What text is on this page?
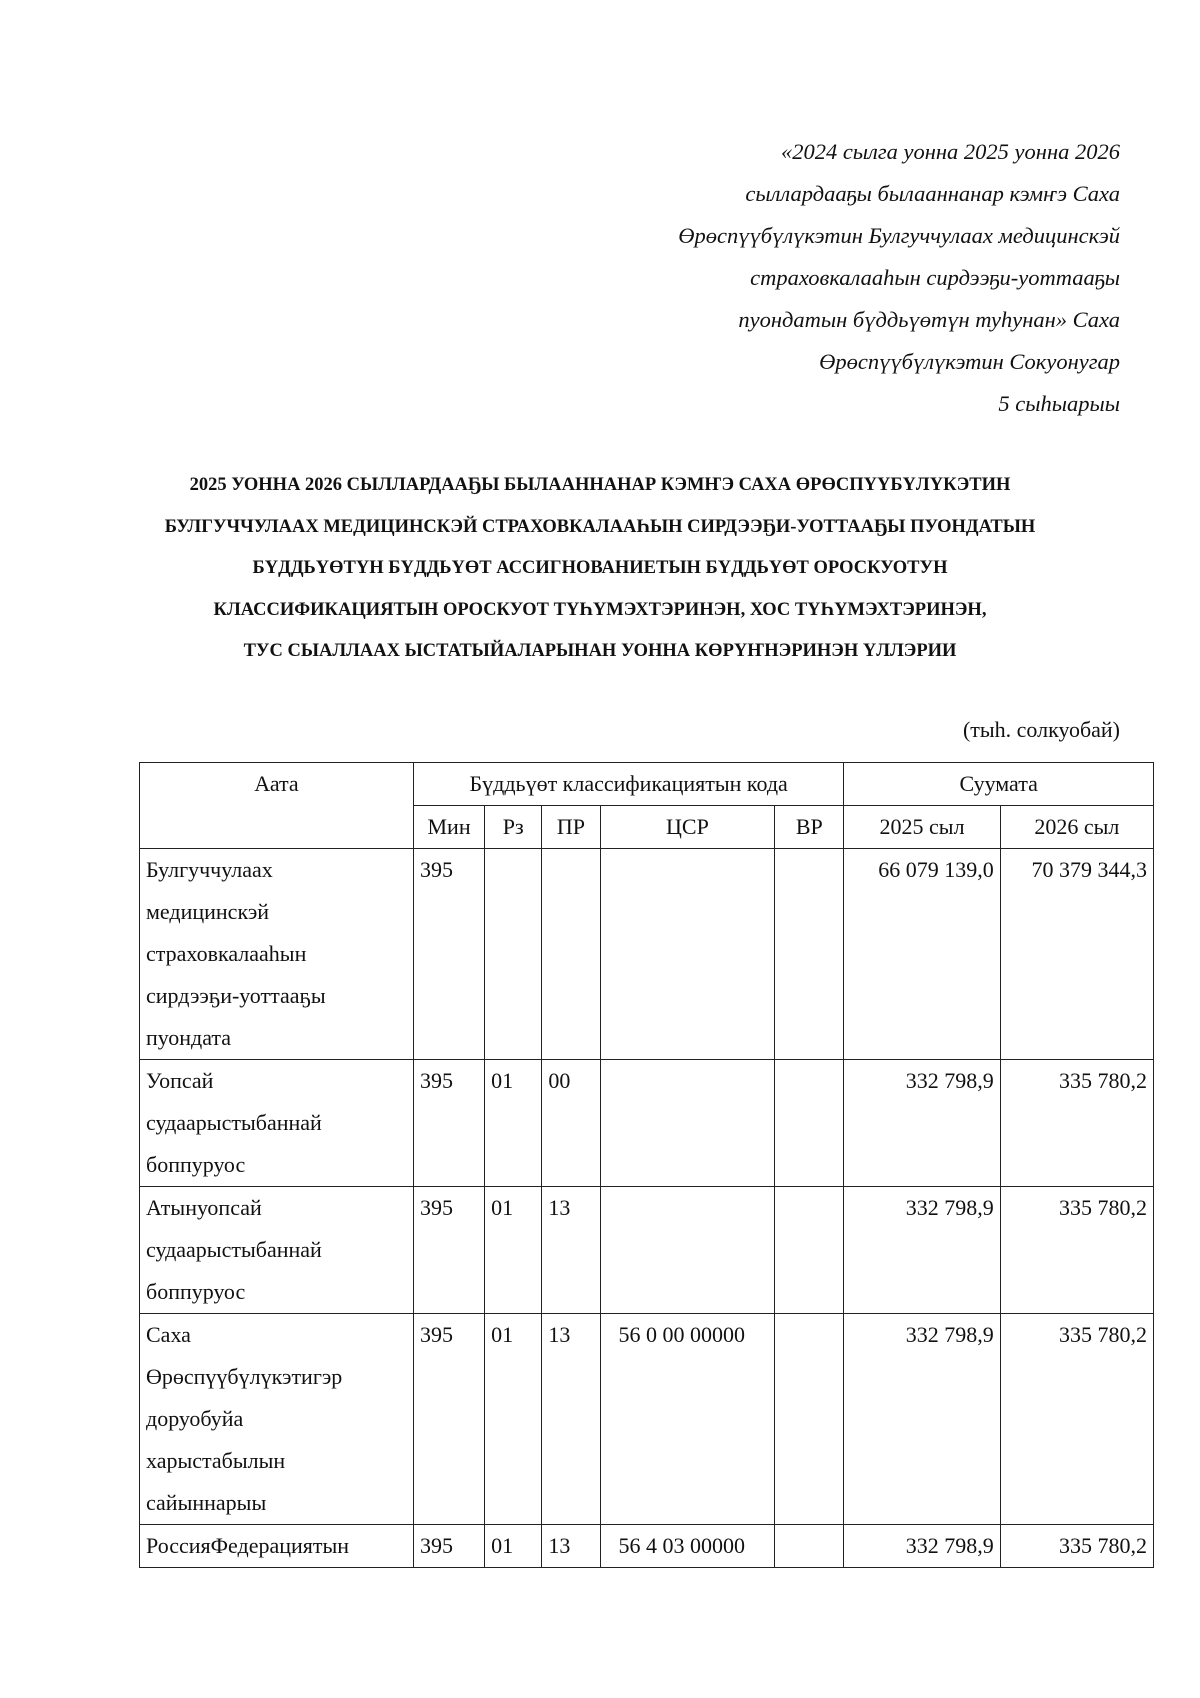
«2024 сылга уонна 2025 уонна 2026
сыллардааҕы былааннанар кэмҥэ Саха
Өрөспүүбүлүкэтин Булгуччулаах медицинскэй
страховкалааһын сирдээҕи-уоттааҕы
пуондатын бүддьүөтүн туһунан» Саха
Өрөспүүбүлүкэтин Сокуонугар
5 сыһыарыы
2025 УОННА 2026 СЫЛЛАРДААҔЫ БЫЛААННАНАР КЭМҤЭ САХА ӨРӨСПҮҮБҮЛҮКЭТИН
БУЛГУЧЧУЛААХ МЕДИЦИНСКЭЙ СТРАХОВКАЛААҺЫН СИРДЭЭҔИ-УОТТААҔЫ ПУОНДАТЫН
БҮДДЬҮӨТҮН БҮДДЬҮӨТ АССИГНОВАНИЕТЫН БҮДДЬҮӨТ ОРОСКУОТУН
КЛАССИФИКАЦИЯТЫН ОРОСКУОТ ТҮҺҮМЭХТЭРИНЭН, ХОС ТҮҺҮМЭХТЭРИНЭН,
ТУС СЫАЛЛААХ ЫСТАТЫЙАЛАРЫНАН УОННА КӨРҮҤНЭРИНЭН ҮЛЛЭРИИ
(тыһ. солкуобай)
Аата	Бүддьүөт классификациятын кода					Суумата	
	Мин	Рз	ПР	ЦСР	ВР	2025 сыл	2026 сыл

Булгуччулаах
медицинскэй
страховкалааһын
сирдээҕи-уоттааҕы
пуондата	395					66 079 139,0	70 379 344,3

Уопсай
судаарыстыбаннай
боппуруос	395	01	00			332 798,9	335 780,2

Атынуопсай
судаарыстыбаннай
боппуруос	395	01	13			332 798,9	335 780,2

Саха
Өрөспүүбүлүкэтигэр
доруобуйа
харыстабылын
сайыннарыы	395	01	13	56 0 00 00000		332 798,9	335 780,2

РоссияФедерациятын	395	01	13	56 4 03 00000		332 798,9	335 780,2
